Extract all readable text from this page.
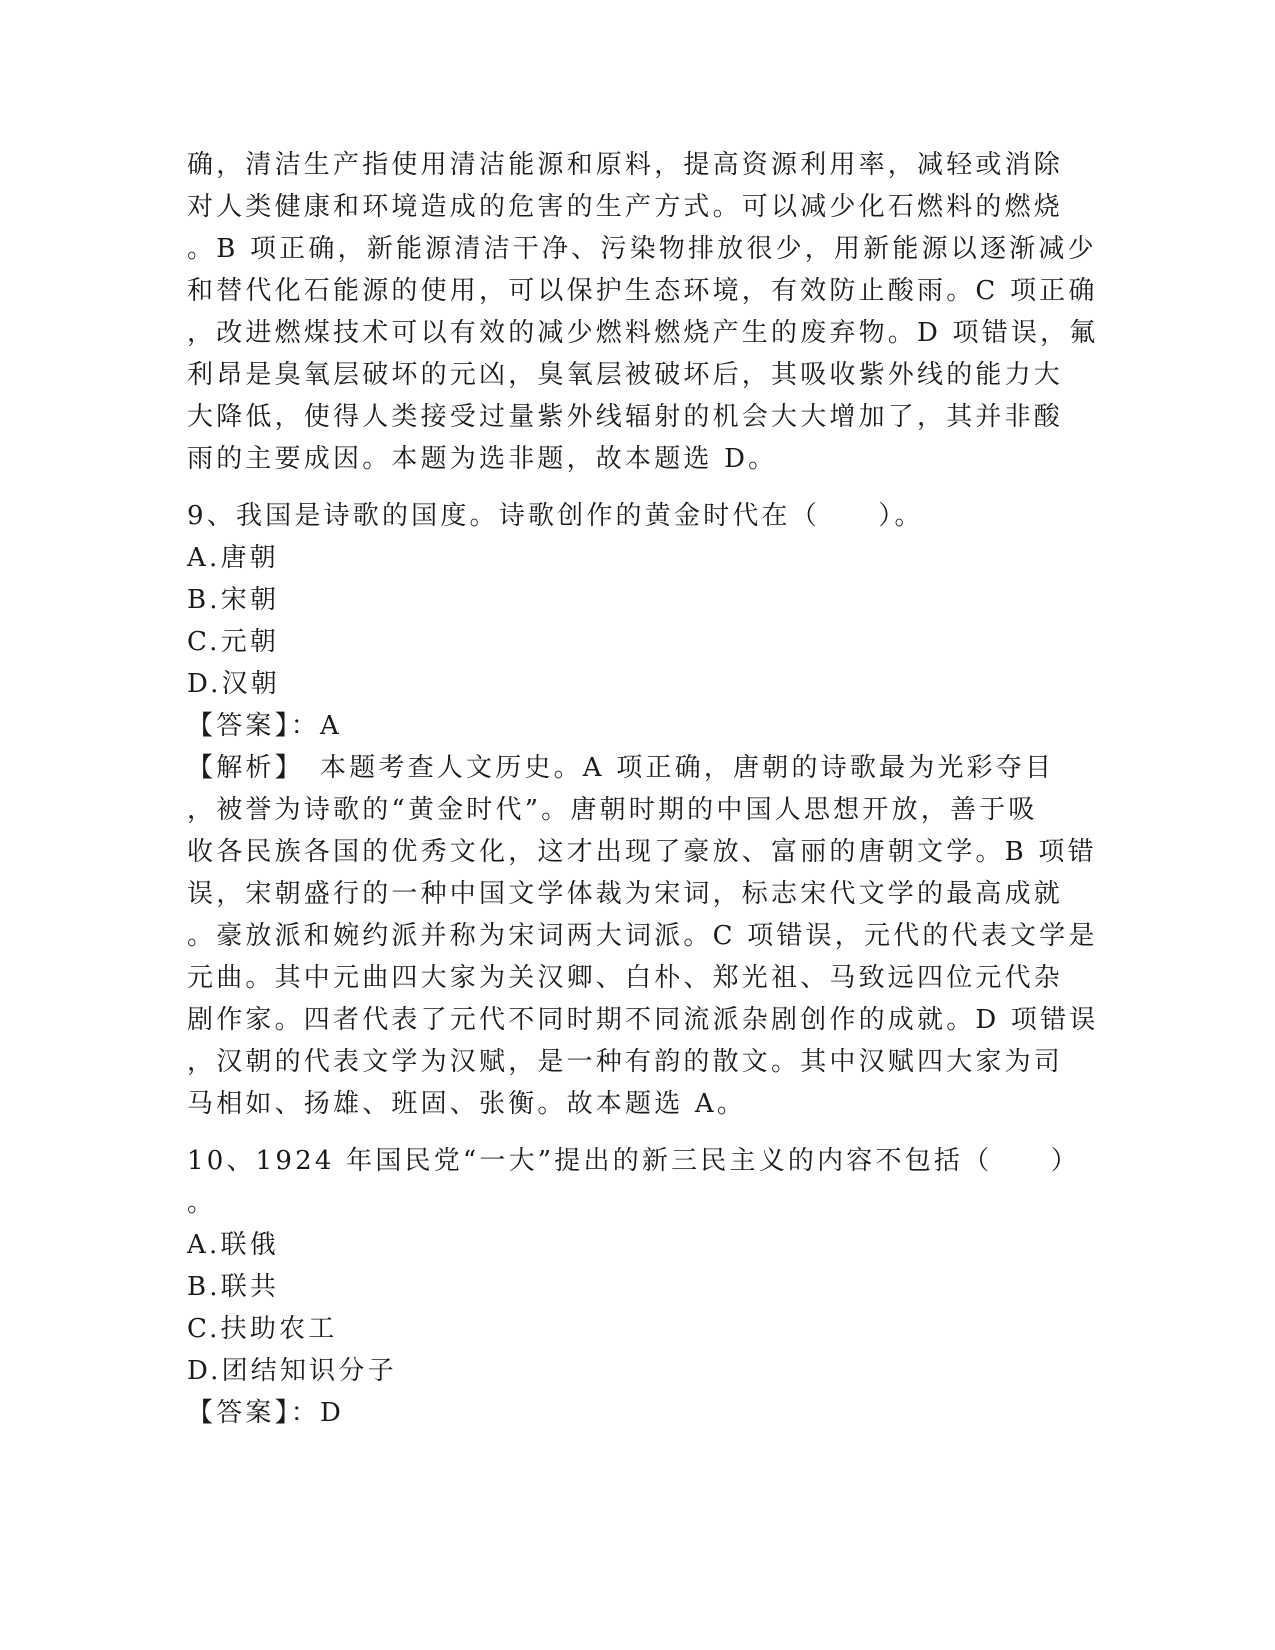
确，清洁生产指使用清洁能源和原料，提高资源利用率，减轻或消除
对人类健康和环境造成的危害的生产方式。可以减少化石燃料的燃烧
。B 项正确，新能源清洁干净、污染物排放很少，用新能源以逐渐减少
和替代化石能源的使用，可以保护生态环境，有效防止酸雨。C 项正确
，改进燃煤技术可以有效的减少燃料燃烧产生的废弃物。D 项错误，氟
利昂是臭氧层破坏的元凶，臭氧层被破坏后，其吸收紫外线的能力大
大降低，使得人类接受过量紫外线辐射的机会大大增加了，其并非酸
雨的主要成因。本题为选非题，故本题选 D。
9、我国是诗歌的国度。诗歌创作的黄金时代在（　　）。
A.唐朝
B.宋朝
C.元朝
D.汉朝
【答案】：A
【解析】　本题考查人文历史。A 项正确，唐朝的诗歌最为光彩夺目
，被誉为诗歌的“黄金时代”。唐朝时期的中国人思想开放，善于吸
收各民族各国的优秀文化，这才出现了豪放、富丽的唐朝文学。B 项错
误，宋朝盛行的一种中国文学体裁为宋词，标志宋代文学的最高成就
。豪放派和婉约派并称为宋词两大词派。C 项错误，元代的代表文学是
元曲。其中元曲四大家为关汉卿、白朴、郑光祖、马致远四位元代杂
剧作家。四者代表了元代不同时期不同流派杂剧创作的成就。D 项错误
，汉朝的代表文学为汉赋，是一种有韵的散文。其中汉赋四大家为司
马相如、扬雄、班固、张衡。故本题选 A。
10、1924 年国民党“一大”提出的新三民主义的内容不包括（　　）
。
A.联俄
B.联共
C.扶助农工
D.团结知识分子
【答案】：D
